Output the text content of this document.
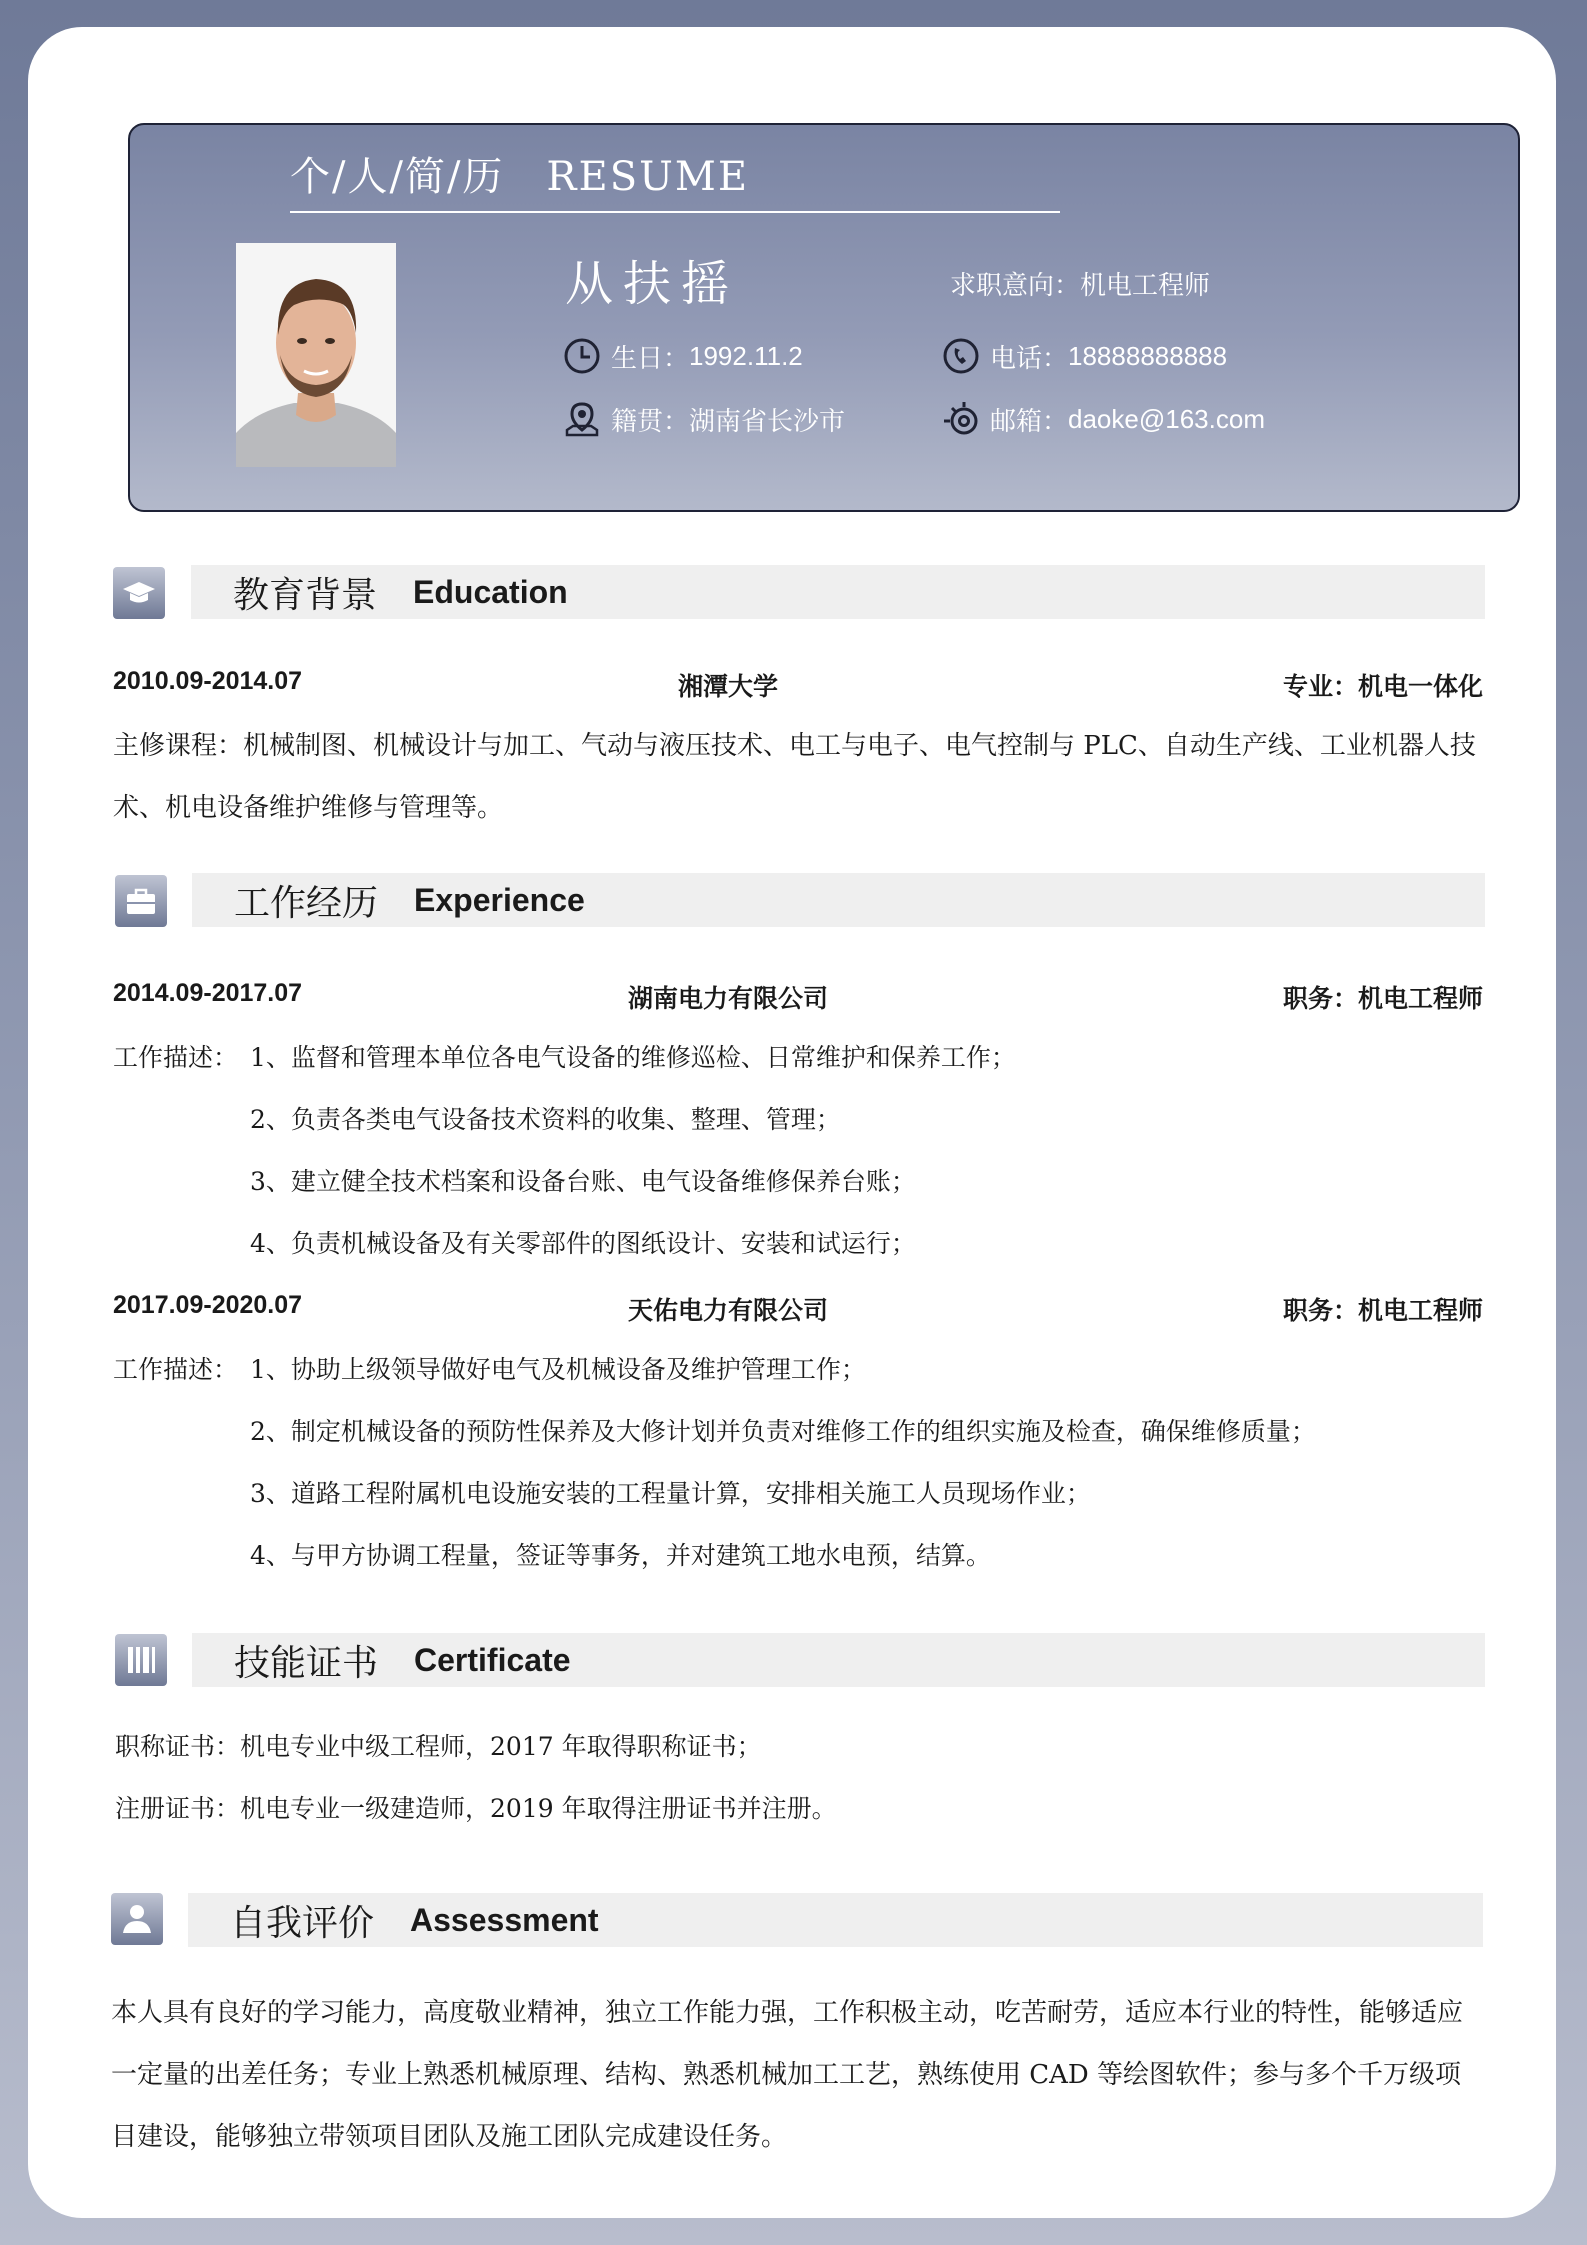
个/人/简/历　RESUME
从扶摇	求职意向： 机电工程师
生日： 1992.11.2	电话： 18888888888
籍贯： 湖南省长沙市	邮箱： daoke@163.com
教育背景 Education
2010.09-2014.07	湘潭大学	专业：机电一体化
主修课程：机械制图、机械设计与加工、气动与液压技术、电工与电子、电气控制与 PLC、自动生产线、工业机器人技术、机电设备维护维修与管理等。
工作经历 Experience
2014.09-2017.07	湖南电力有限公司	职务：机电工程师
工作描述： 1、监督和管理本单位各电气设备的维修巡检、日常维护和保养工作；
2、负责各类电气设备技术资料的收集、整理、管理；
3、建立健全技术档案和设备台账、电气设备维修保养台账；
4、负责机械设备及有关零部件的图纸设计、安装和试运行；
2017.09-2020.07	天佑电力有限公司	职务：机电工程师
工作描述： 1、协助上级领导做好电气及机械设备及维护管理工作；
2、制定机械设备的预防性保养及大修计划并负责对维修工作的组织实施及检查，确保维修质量；
3、道路工程附属机电设施安装的工程量计算，安排相关施工人员现场作业；
4、与甲方协调工程量，签证等事务，并对建筑工地水电预，结算。
技能证书 Certificate
职称证书：机电专业中级工程师，2017 年取得职称证书；
注册证书：机电专业一级建造师，2019 年取得注册证书并注册。
自我评价 Assessment
本人具有良好的学习能力，高度敬业精神，独立工作能力强，工作积极主动，吃苦耐劳，适应本行业的特性，能够适应一定量的出差任务；专业上熟悉机械原理、结构、熟悉机械加工工艺，熟练使用 CAD 等绘图软件；参与多个千万级项目建设，能够独立带领项目团队及施工团队完成建设任务。
